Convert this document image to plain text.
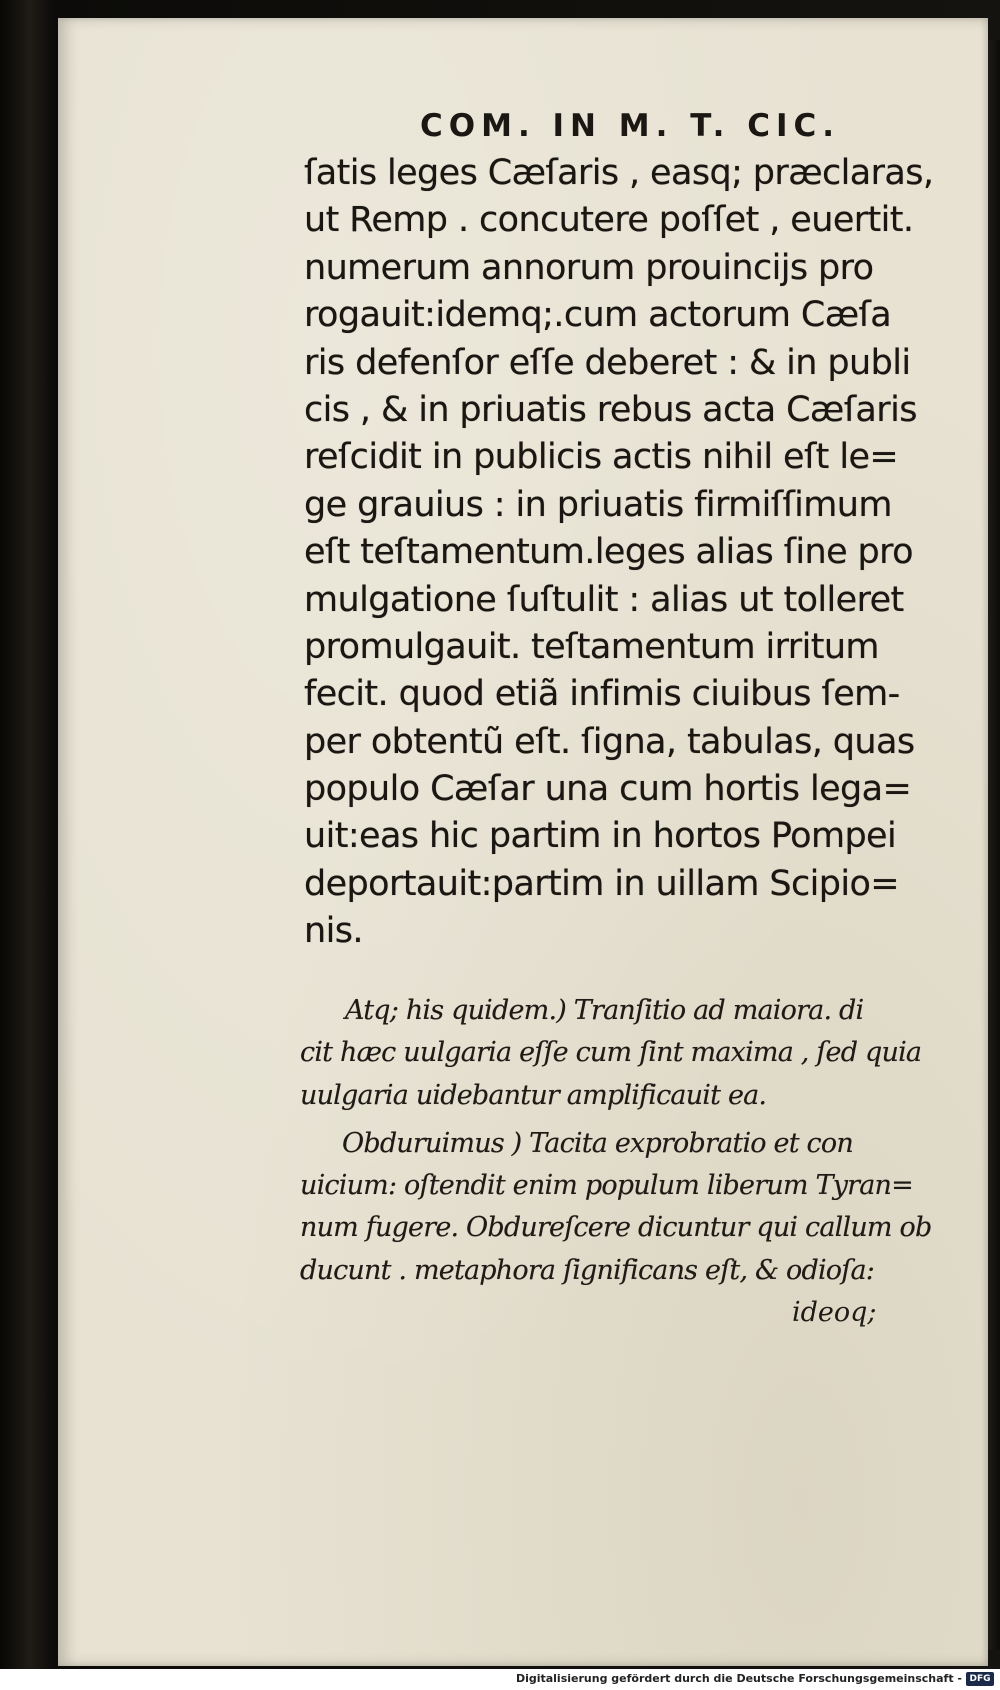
COM. IN M. T. CIC.
ſatis leges Cæſaris , easq; præclaras,
ut Remp . concutere poſſet , euertit.
numerum annorum prouincijs pro
rogauit:idemq;.cum actorum Cæſa
ris defenſor eſſe deberet : & in publi
cis , & in priuatis rebus acta Cæſaris
reſcidit in publicis actis nihil eſt le=
ge grauius : in priuatis firmiſſimum
eſt teſtamentum.leges alias ſine pro
mulgatione ſuſtulit : alias ut tolleret
promulgauit. teſtamentum irritum
fecit. quod etiã infimis ciuibus ſem-
per obtentũ eſt. ſigna, tabulas, quas
populo Cæſar una cum hortis lega=
uit:eas hic partim in hortos Pompei
deportauit:partim in uillam Scipio=
nis.
Atq; his quidem.) Tranſitio ad maiora. di
cit hæc uulgaria eſſe cum ſint maxima , ſed quia
uulgaria uidebantur amplificauit ea.
Obduruimus ) Tacita exprobratio et con
uicium: oſtendit enim populum liberum Tyran=
num fugere. Obdureſcere dicuntur qui callum ob
ducunt . metaphora ſignificans eſt, & odioſa:
ideoq;
Digitalisierung gefördert durch die Deutsche Forschungsgemeinschaft - DFG
